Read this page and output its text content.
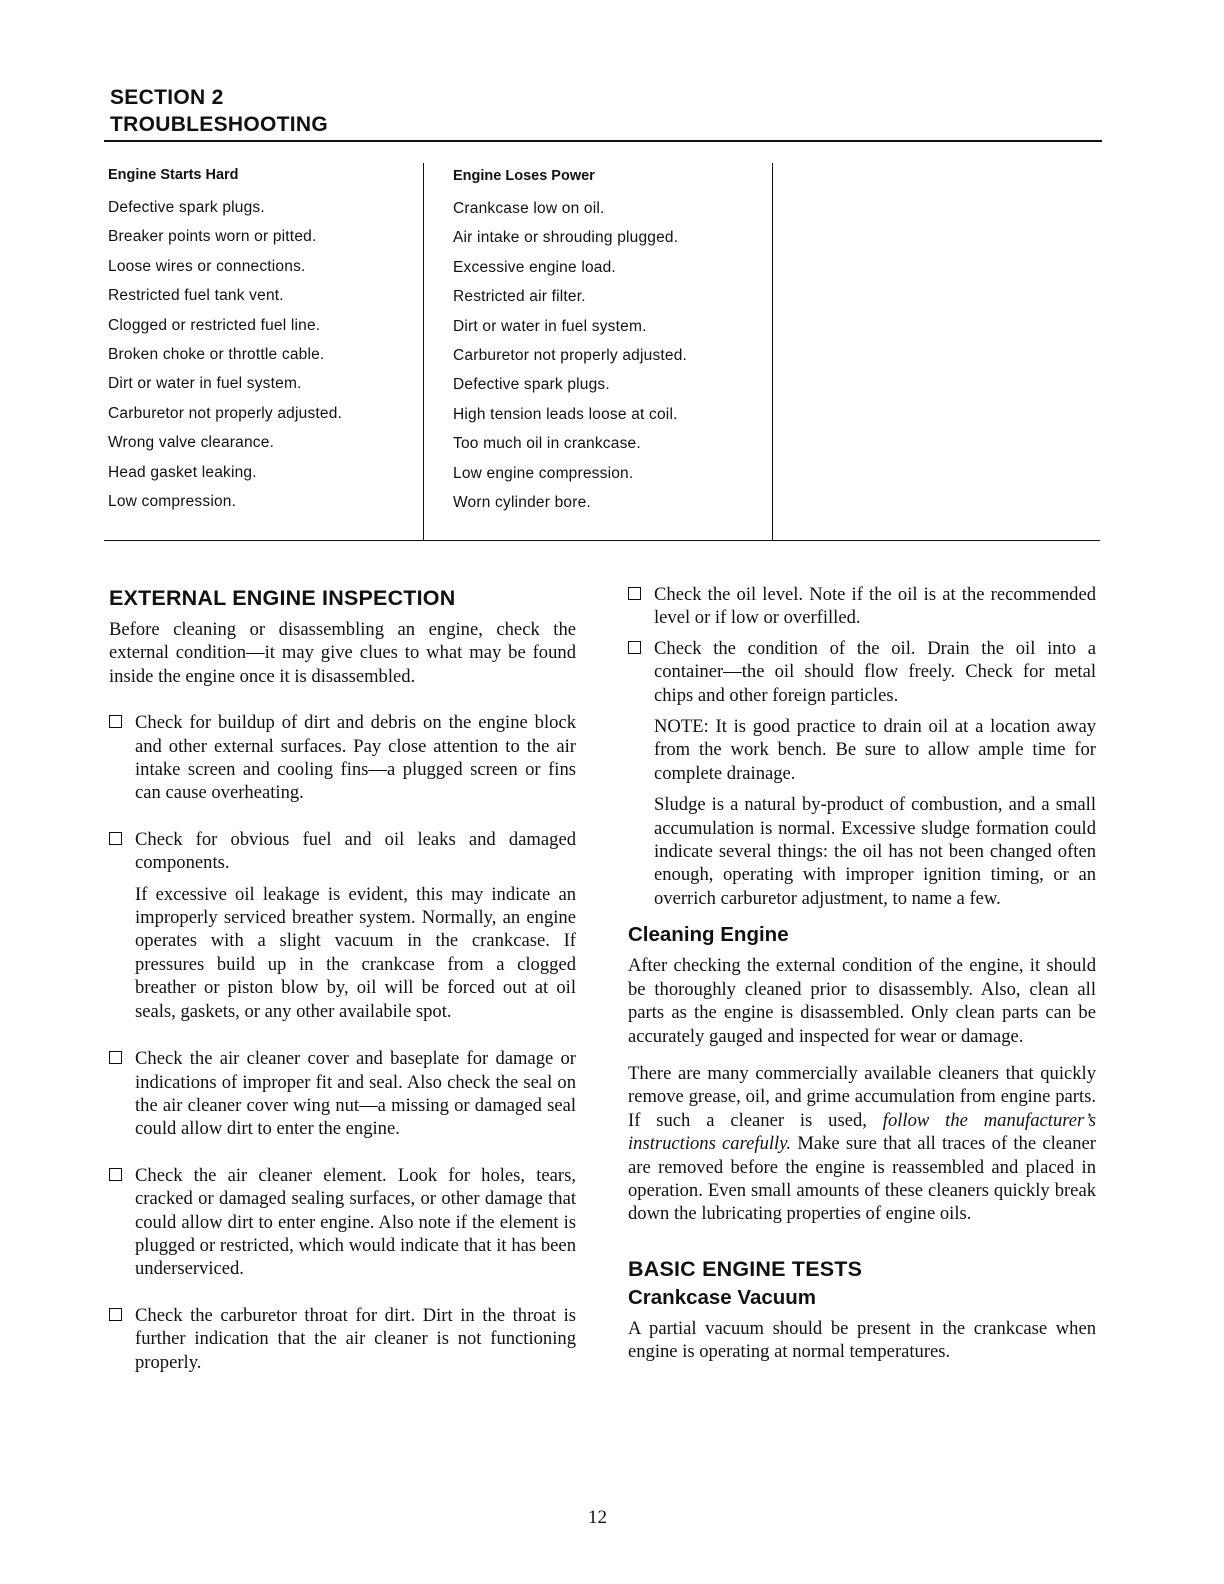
SECTION 2
TROUBLESHOOTING
Engine Starts Hard
Defective spark plugs.
Breaker points worn or pitted.
Loose wires or connections.
Restricted fuel tank vent.
Clogged or restricted fuel line.
Broken choke or throttle cable.
Dirt or water in fuel system.
Carburetor not properly adjusted.
Wrong valve clearance.
Head gasket leaking.
Low compression.
Engine Loses Power
Crankcase low on oil.
Air intake or shrouding plugged.
Excessive engine load.
Restricted air filter.
Dirt or water in fuel system.
Carburetor not properly adjusted.
Defective spark plugs.
High tension leads loose at coil.
Too much oil in crankcase.
Low engine compression.
Worn cylinder bore.
EXTERNAL ENGINE INSPECTION

Before cleaning or disassembling an engine, check the external condition—it may give clues to what may be found inside the engine once it is disassembled.

Check for buildup of dirt and debris on the engine block and other external surfaces. Pay close attention to the air intake screen and cooling fins—a plugged screen or fins can cause overheating.

Check for obvious fuel and oil leaks and damaged components.

If excessive oil leakage is evident, this may indicate an improperly serviced breather system. Normally, an engine operates with a slight vacuum in the crankcase. If pressures build up in the crankcase from a clogged breather or piston blow by, oil will be forced out at oil seals, gaskets, or any other availabile spot.

Check the air cleaner cover and baseplate for damage or indications of improper fit and seal. Also check the seal on the air cleaner cover wing nut—a missing or damaged seal could allow dirt to enter the engine.

Check the air cleaner element. Look for holes, tears, cracked or damaged sealing surfaces, or other damage that could allow dirt to enter engine. Also note if the element is plugged or restricted, which would indicate that it has been underserviced.

Check the carburetor throat for dirt. Dirt in the throat is further indication that the air cleaner is not functioning properly.

Check the oil level. Note if the oil is at the recommended level or if low or overfilled.

Check the condition of the oil. Drain the oil into a container—the oil should flow freely. Check for metal chips and other foreign particles.

NOTE: It is good practice to drain oil at a location away from the work bench. Be sure to allow ample time for complete drainage.

Sludge is a natural by-product of combustion, and a small accumulation is normal. Excessive sludge formation could indicate several things: the oil has not been changed often enough, operating with improper ignition timing, or an overrich carburetor adjustment, to name a few.

Cleaning Engine

After checking the external condition of the engine, it should be thoroughly cleaned prior to disassembly. Also, clean all parts as the engine is disassembled. Only clean parts can be accurately gauged and inspected for wear or damage.

There are many commercially available cleaners that quickly remove grease, oil, and grime accumulation from engine parts. If such a cleaner is used, follow the manufacturer’s instructions carefully. Make sure that all traces of the cleaner are removed before the engine is reassembled and placed in operation. Even small amounts of these cleaners quickly break down the lubricating properties of engine oils.

BASIC ENGINE TESTS
Crankcase Vacuum

A partial vacuum should be present in the crankcase when engine is operating at normal temperatures.

12
